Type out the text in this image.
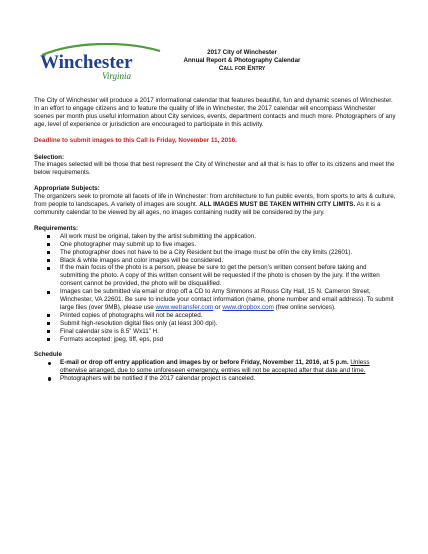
Winchester
Virginia
2017 City of Winchester
Annual Report & Photography Calendar
Call for Entry

The City of Winchester will produce a 2017 informational calendar that features beautiful, fun and dynamic scenes of Winchester. In an effort to engage citizens and to feature the quality of life in Winchester, the 2017 calendar will encompass Winchester scenes per month plus useful information about City services, events, department contacts and much more. Photographers of any age, level of experience or jurisdiction are encouraged to participate in this activity.

Deadline to submit images to this Call is Friday, November 11, 2016.

Selection:
The images selected will be those that best represent the City of Winchester and all that is has to offer to its citizens and meet the below requirements.
Appropriate Subjects:
The organizers seek to promote all facets of life in Winchester: from architecture to fun public events, from sports to arts & culture, from people to landscapes. A variety of images are sought. ALL IMAGES MUST BE TAKEN WITHIN CITY LIMITS. As it is a community calendar to be viewed by all ages, no images containing nudity will be considered by the jury.
Requirements:
All work must be original, taken by the artist submitting the application.
One photographer may submit up to five images.
The photographer does not have to be a City Resident but the image must be of/in the city limits (22601).
Black & white images and color images will be considered.
If the main focus of the photo is a person, please be sure to get the person’s written consent before taking and submitting the photo. A copy of this written consent will be requested if the photo is chosen by the jury. If the written consent cannot be provided, the photo will be disqualified.
Images can be submitted via email or drop off a CD to Amy Simmons at Rouss City Hall, 15 N. Cameron Street, Winchester, VA 22601. Be sure to include your contact information (name, phone number and email address). To submit large files (over 9MB), please use www.wetransfer.com or www.dropbox.com (free online services).
Printed copies of photographs will not be accepted.
Submit high-resolution digital files only (at least 300 dpi).
Final calendar size is 8.5” Wx11” H.
Formats accepted: jpeg, tiff, eps, psd
Schedule
E-mail or drop off entry application and images by or before Friday, November 11, 2016, at 5 p.m. Unless otherwise arranged, due to some unforeseen emergency, entries will not be accepted after that date and time.
Photographers will be notified if the 2017 calendar project is canceled.
